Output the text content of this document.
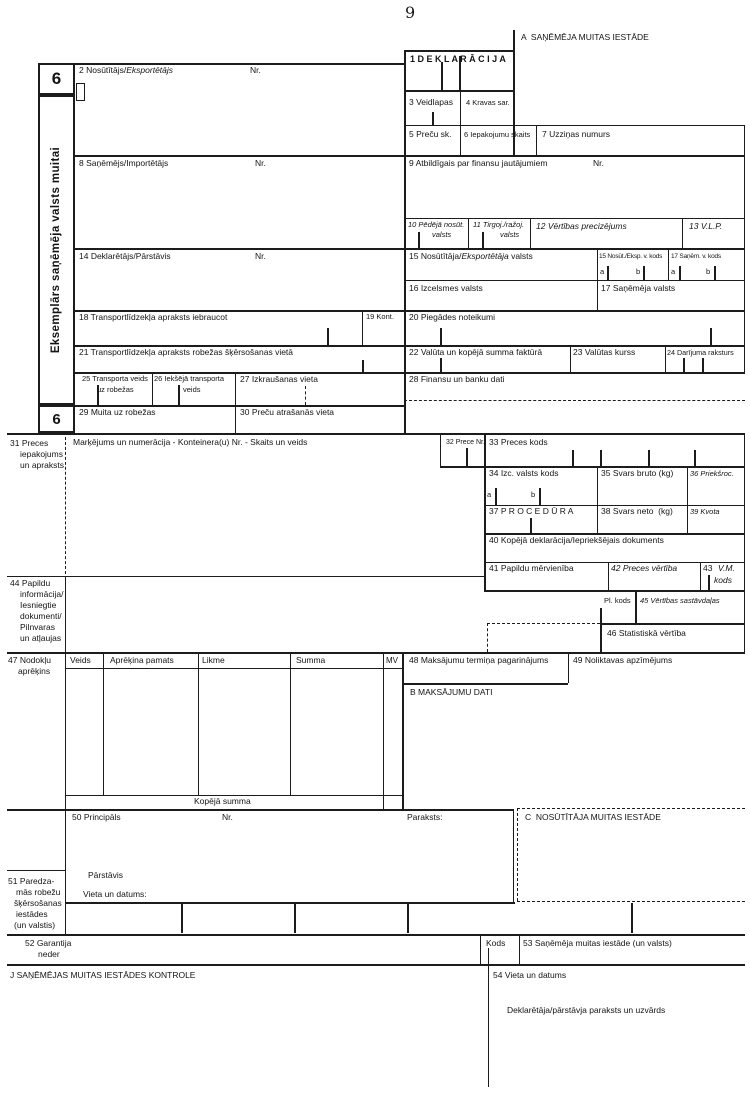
9
6
Eksemplārs saņēmēja valsts muitai
6
A  SAŅĒMĒJA MUITAS IESTĀDE
1 D E K L A R Ā C I J A
B MAKSĀJUMU DATI
C  NOSŪTĪTĀJA MUITAS IESTĀDE
J SAŅĒMĒJAS MUITAS IESTĀDES KONTROLE
2 Nosūtītājs/Eksportētājs	Nr.
3 Veidlapas 4 Kravas sar.
5 Preču sk. 6 Iepakojumu skaits 7 Uzziņas numurs
8 Saņēmējs/Importētājs	Nr.	9 Atbildīgais par finansu jautājumiem	Nr.
10 Pēdējā nosūt.
valsts
11 Tirgoj./ražoj.
valsts
12 Vērtības precizējums	13 V.L.P.
14 Deklarētājs/Pārstāvis	Nr.	15 Nosūtītāja/Eksportētāja valsts	15 Nosūt./Eksp. v. kods 17 Saņēm. v. kods
a	b	a	b
16 Izcelsmes valsts	17 Saņēmēja valsts
18 Transportlīdzekļa apraksts iebraucot	19 Kont. 20 Piegādes noteikumi
21 Transportlīdzekļa apraksts robežas šķērsošanas vietā	22 Valūta un kopējā summa faktūrā	23 Valūtas kurss	24 Darījuma raksturs
25 Transporta veids
uz robežas
26 Iekšējā transporta
veids
27 Izkraušanas vieta	28 Finansu un banku dati
29 Muita uz robežas	30 Preču atrašanās vieta
31 Preces
iepakojums
un apraksts
Marķējums un numerācija - Konteinera(u) Nr. - Skaits un veids	32 Prece Nr. 33 Preces kods
34 Izc. valsts kods
a	b
35 Svars bruto (kg) 36 Priekšroc.
37 P R O C E D Ū R A	38 Svars neto  (kg) 39 Kvota
40 Kopējā deklarācija/Iepriekšējais dokuments
41 Papildu mērvienība	42 Preces vērtība	43 V.M.
kods
44 Papildu
informācija/
Iesniegtie
dokumenti/
Pilnvaras
un atļaujas
Pl. kods 45 Vērtības sastāvdaļas
46 Statistiskā vērtība
47 Nodokļu
aprēķins
Veids Aprēķina pamats	Likme	Summa	MV
Kopējā summa
48 Maksājumu termiņa pagarinājums	49 Noliktavas apzīmējums
50 Principāls	Nr.	Paraksts:
Pārstāvis
Vieta un datums:
51 Paredza-
mās robežu
šķērsošanas
iestādes
(un valstis)
52 Garantija
neder
Kods 53 Saņēmēja muitas iestāde (un valsts)
54 Vieta un datums
Deklarētāja/pārstāvja paraksts un uzvārds
